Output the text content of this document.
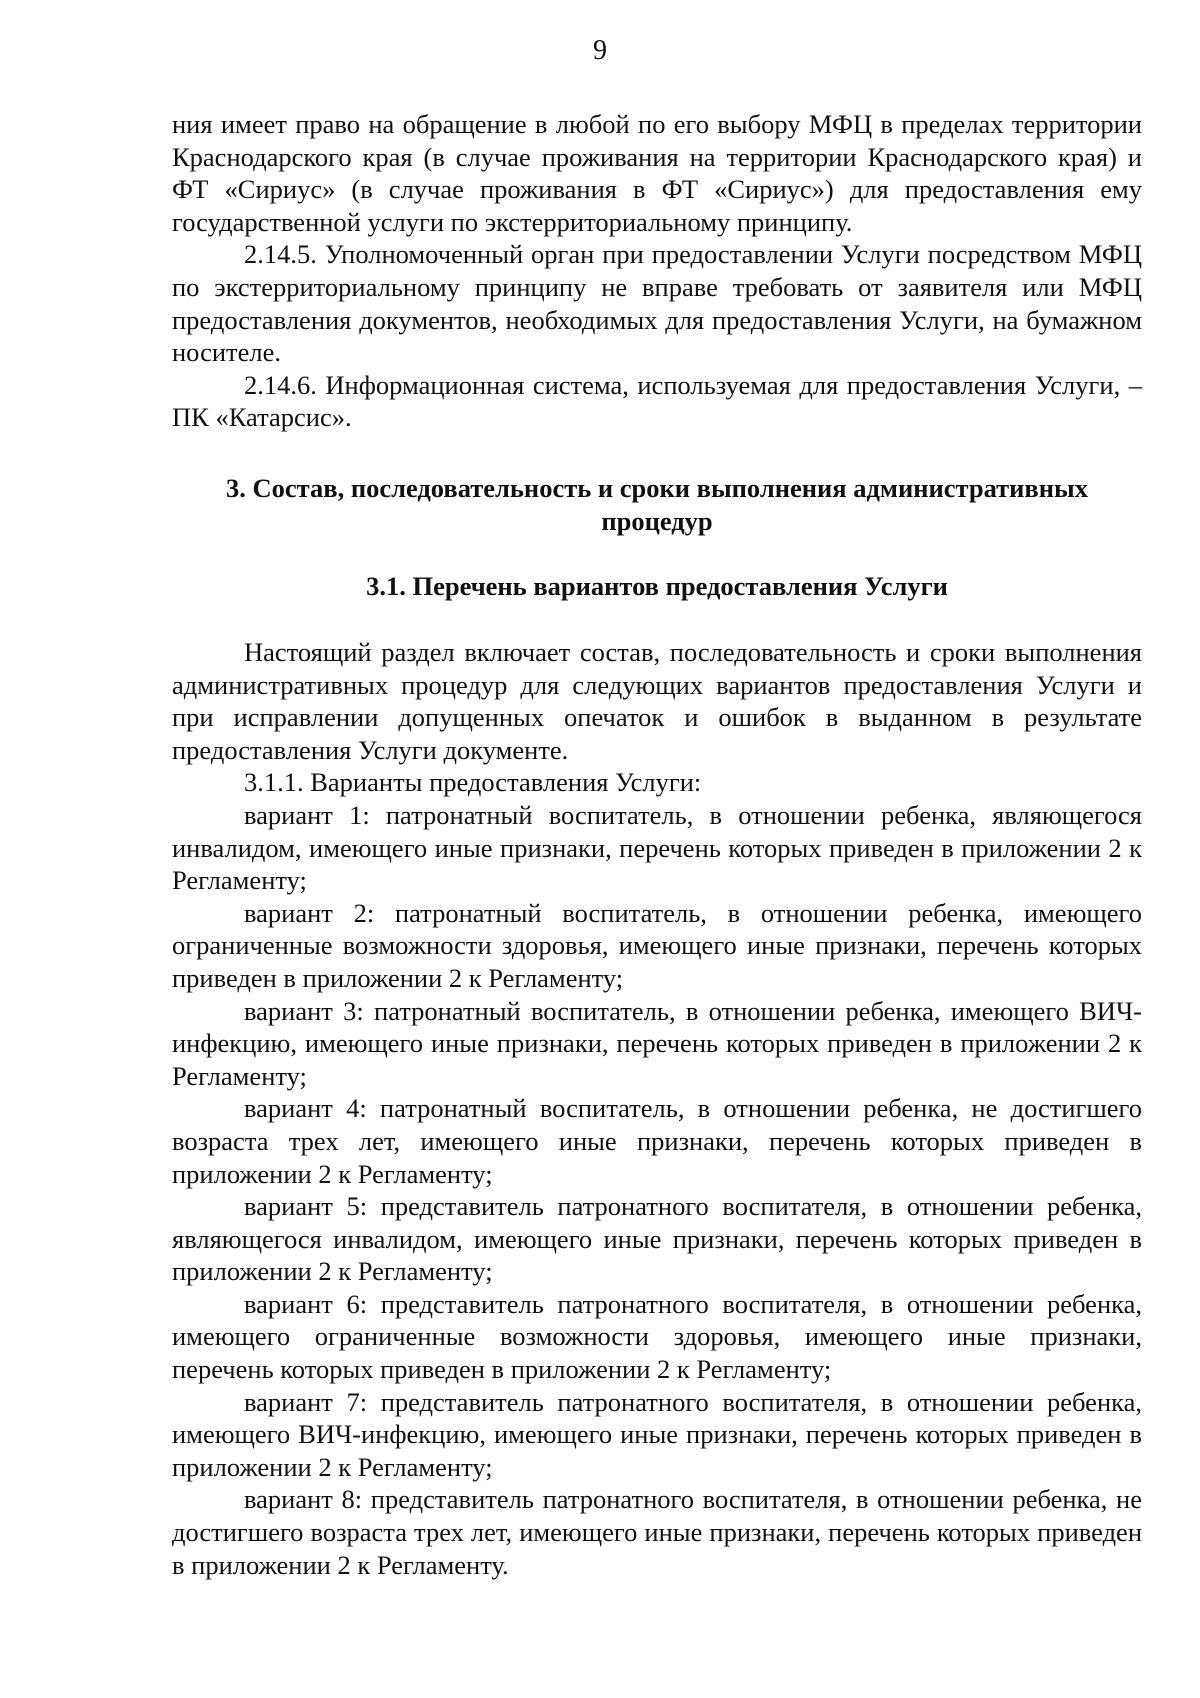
9

ния имеет право на обращение в любой по его выбору МФЦ в пределах территории Краснодарского края (в случае проживания на территории Краснодарского края) и ФТ «Сириус» (в случае проживания в ФТ «Сириус») для предоставления ему государственной услуги по экстерриториальному принципу.

2.14.5. Уполномоченный орган при предоставлении Услуги посредством МФЦ по экстерриториальному принципу не вправе требовать от заявителя или МФЦ предоставления документов, необходимых для предоставления Услуги, на бумажном носителе.

2.14.6. Информационная система, используемая для предоставления Услуги, – ПК «Катарсис».

3. Состав, последовательность и сроки выполнения административных процедур
3.1. Перечень вариантов предоставления Услуги

Настоящий раздел включает состав, последовательность и сроки выполнения административных процедур для следующих вариантов предоставления Услуги и при исправлении допущенных опечаток и ошибок в выданном в результате предоставления Услуги документе.

3.1.1. Варианты предоставления Услуги:

вариант 1: патронатный воспитатель, в отношении ребенка, являющегося инвалидом, имеющего иные признаки, перечень которых приведен в приложении 2 к Регламенту;

вариант 2: патронатный воспитатель, в отношении ребенка, имеющего ограниченные возможности здоровья, имеющего иные признаки, перечень которых приведен в приложении 2 к Регламенту;

вариант 3: патронатный воспитатель, в отношении ребенка, имеющего ВИЧ-инфекцию, имеющего иные признаки, перечень которых приведен в приложении 2 к Регламенту;

вариант 4: патронатный воспитатель, в отношении ребенка, не достигшего возраста трех лет, имеющего иные признаки, перечень которых приведен в приложении 2 к Регламенту;

вариант 5: представитель патронатного воспитателя, в отношении ребенка, являющегося инвалидом, имеющего иные признаки, перечень которых приведен в приложении 2 к Регламенту;

вариант 6: представитель патронатного воспитателя, в отношении ребенка, имеющего ограниченные возможности здоровья, имеющего иные признаки, перечень которых приведен в приложении 2 к Регламенту;

вариант 7: представитель патронатного воспитателя, в отношении ребенка, имеющего ВИЧ-инфекцию, имеющего иные признаки, перечень которых приведен в приложении 2 к Регламенту;

вариант 8: представитель патронатного воспитателя, в отношении ребенка, не достигшего возраста трех лет, имеющего иные признаки, перечень которых приведен в приложении 2 к Регламенту.
